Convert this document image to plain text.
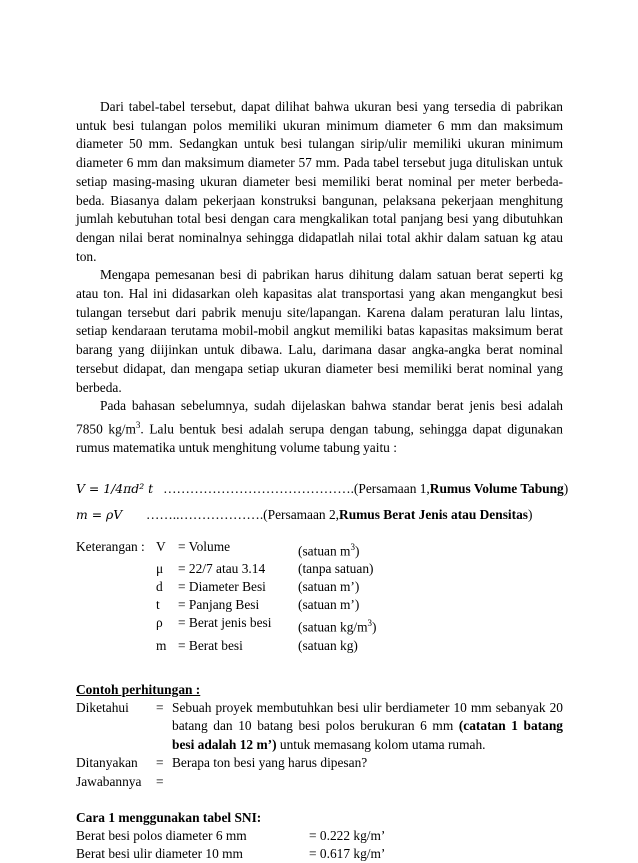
Dari tabel-tabel tersebut, dapat dilihat bahwa ukuran besi yang tersedia di pabrikan untuk besi tulangan polos memiliki ukuran minimum diameter 6 mm dan maksimum diameter 50 mm. Sedangkan untuk besi tulangan sirip/ulir memiliki ukuran minimum diameter 6 mm dan maksimum diameter 57 mm. Pada tabel tersebut juga dituliskan untuk setiap masing-masing ukuran diameter besi memiliki berat nominal per meter berbeda-beda. Biasanya dalam pekerjaan konstruksi bangunan, pelaksana pekerjaan menghitung jumlah kebutuhan total besi dengan cara mengkalikan total panjang besi yang dibutuhkan dengan nilai berat nominalnya sehingga didapatlah nilai total akhir dalam satuan kg atau ton.

Mengapa pemesanan besi di pabrikan harus dihitung dalam satuan berat seperti kg atau ton. Hal ini didasarkan oleh kapasitas alat transportasi yang akan mengangkut besi tulangan tersebut dari pabrik menuju site/lapangan. Karena dalam peraturan lalu lintas, setiap kendaraan terutama mobil-mobil angkut memiliki batas kapasitas maksimum berat barang yang diijinkan untuk dibawa. Lalu, darimana dasar angka-angka berat nominal tersebut didapat, dan mengapa setiap ukuran diameter besi memiliki berat nominal yang berbeda.

Pada bahasan sebelumnya, sudah dijelaskan bahwa standar berat jenis besi adalah 7850 $kg/m^3$. Lalu bentuk besi adalah serupa dengan tabung, sehingga dapat digunakan rumus matematika untuk menghitung volume tabung yaitu :

V = 1/4πd² t …………………………………….(Persamaan 1, Rumus Volume Tabung )
m = ρV	……..……………….(Persamaan 2, Rumus Berat Jenis atau Densitas )
Keterangan : V = Volume	(satuan $m^3$)
μ	= 22/7 atau 3.14	(tanpa satuan)
d	= Diameter Besi	(satuan m’)
t	= Panjang Besi	(satuan m’)
ρ	= Berat jenis besi	(satuan $kg/m^3$)
m = Berat besi	(satuan kg)
Contoh perhitungan :
Diketahui	= Sebuah proyek membutuhkan besi ulir berdiameter 10 mm sebanyak 20 batang dan 10 batang besi polos berukuran 6 mm (catatan 1 batang besi adalah 12 m’) untuk memasang kolom utama rumah.
Ditanyakan	= Berapa ton besi yang harus dipesan?
Jawabannya	=
Cara 1 menggunakan tabel SNI:
Berat besi polos diameter 6 mm	= 0.222 kg/m’
Berat besi ulir diameter 10 mm	= 0.617 kg/m’
